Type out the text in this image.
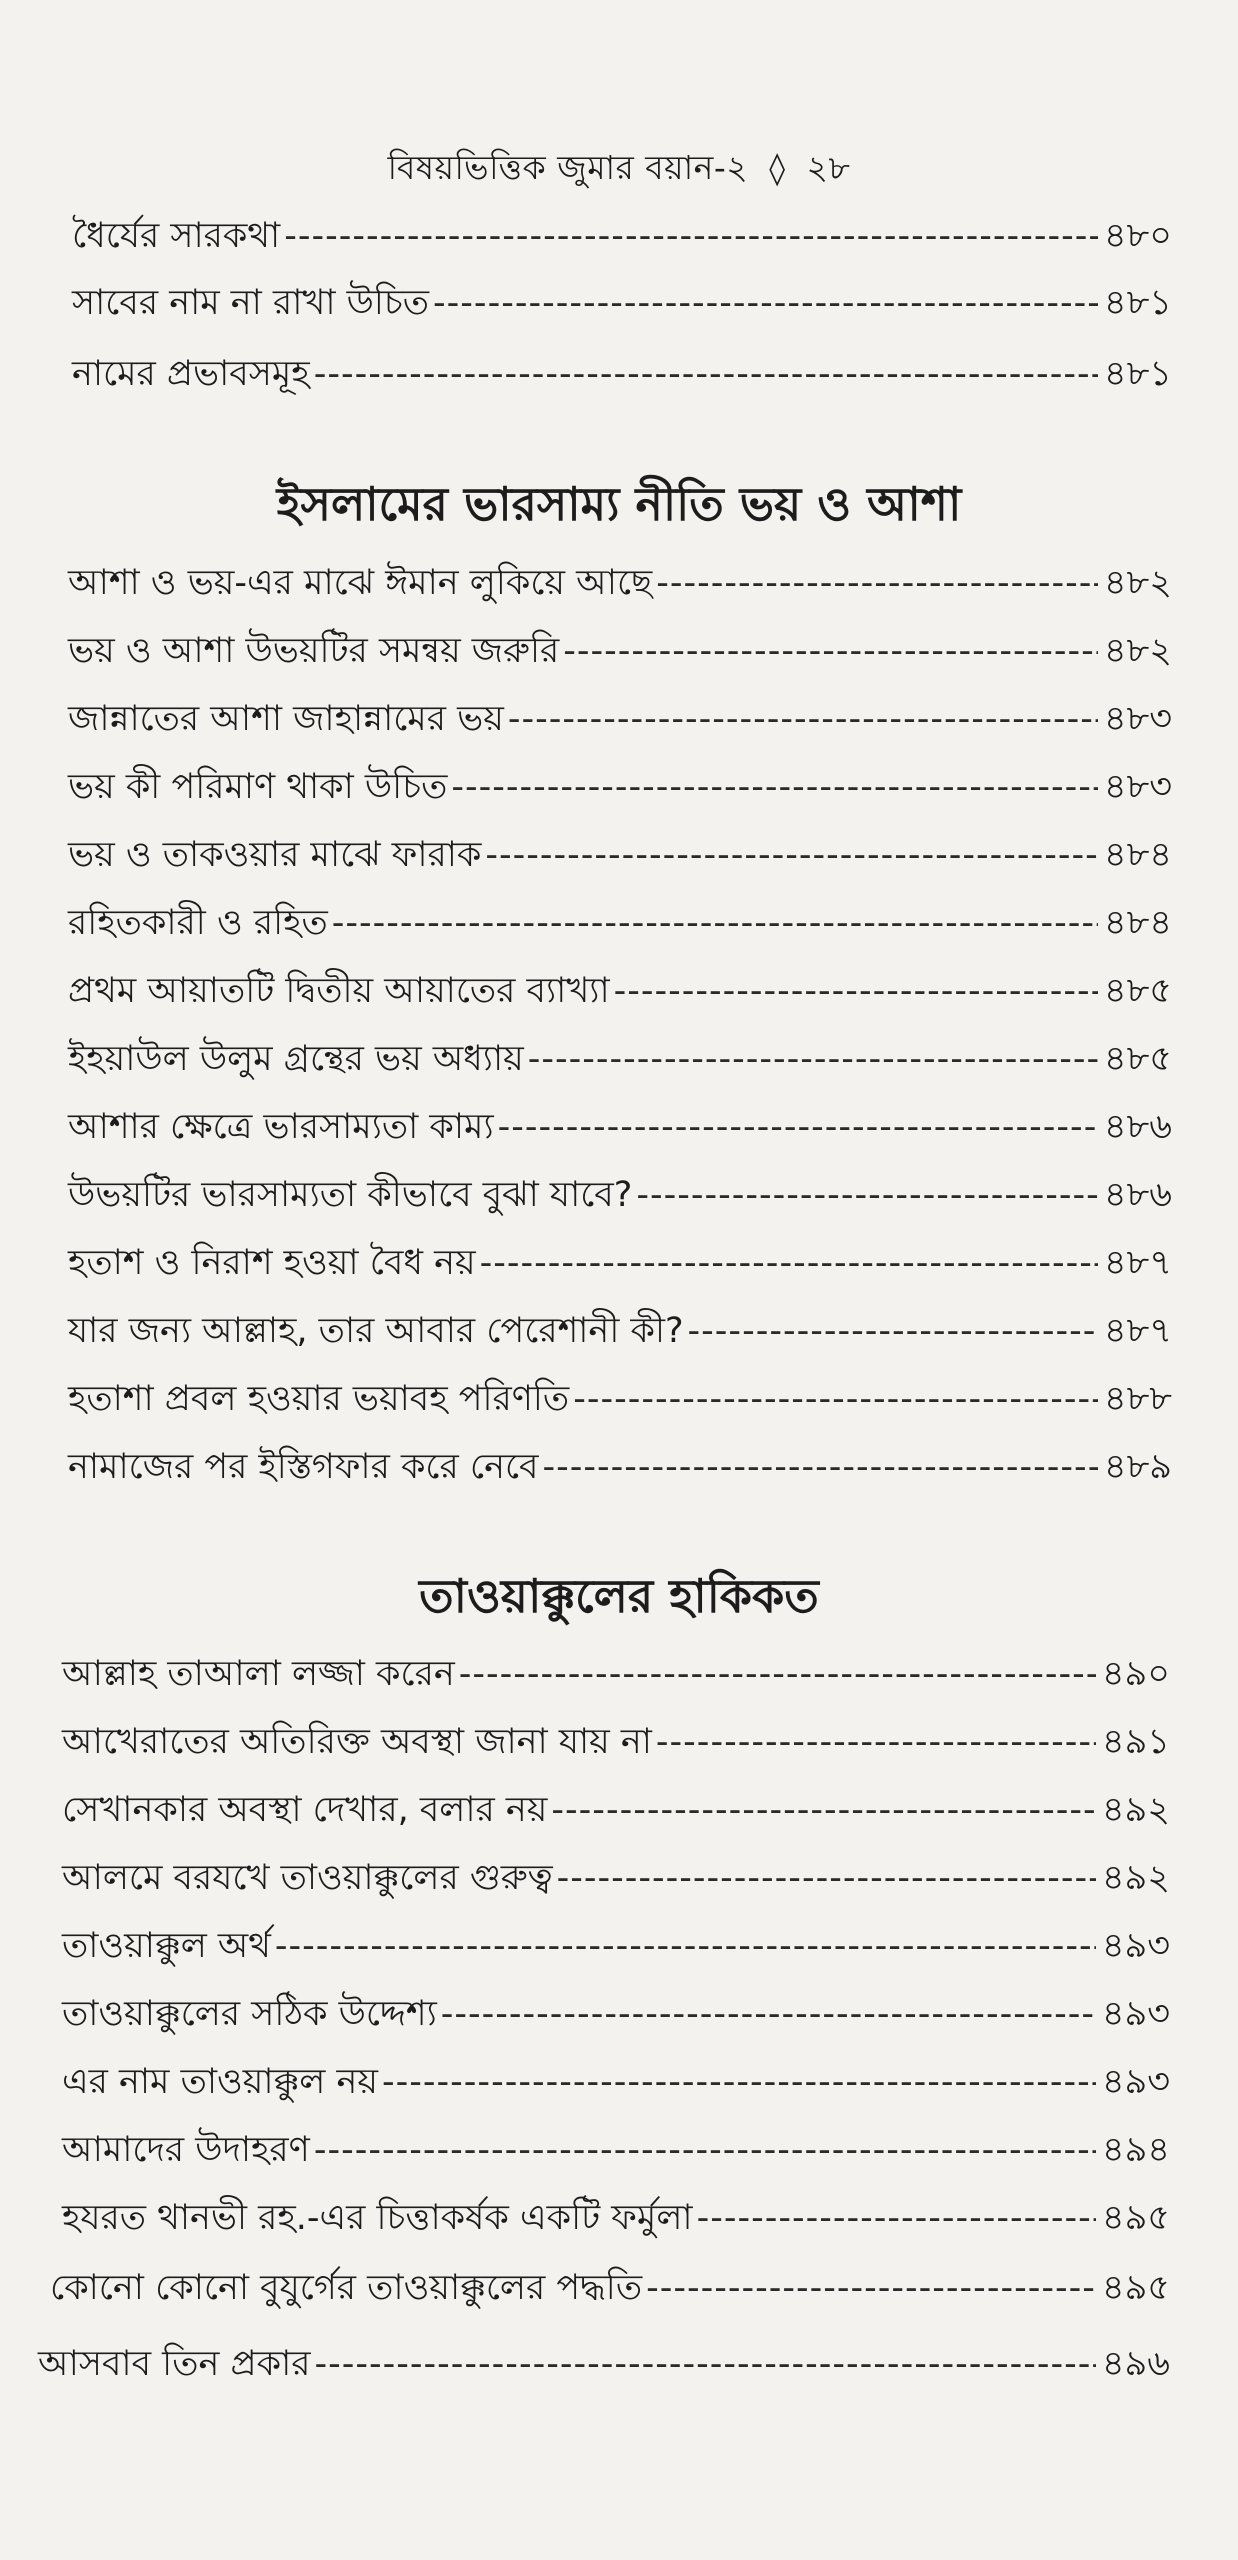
বিষয়ভিত্তিক জুমার বয়ান-২ ◊ ২৮
ধৈর্যের সারকথা -----	৪৮০
সাবের নাম না রাখা উচিত -----	৪৮১
নামের প্রভাবসমূহ -----	৪৮১
ইসলামের ভারসাম্য নীতি ভয় ও আশা
আশা ও ভয়-এর মাঝে ঈমান লুকিয়ে আছে -----	৪৮২
ভয় ও আশা উভয়টির সমন্বয় জরুরি -----	৪৮২
জান্নাতের আশা জাহান্নামের ভয় -----	৪৮৩
ভয় কী পরিমাণ থাকা উচিত -----	৪৮৩
ভয় ও তাকওয়ার মাঝে ফারাক -----	৪৮৪
রহিতকারী ও রহিত -----	৪৮৪
প্রথম আয়াতটি দ্বিতীয় আয়াতের ব্যাখ্যা -----	৪৮৫
ইহয়াউল উলুম গ্রন্থের ভয় অধ্যায় -----	৪৮৫
আশার ক্ষেত্রে ভারসাম্যতা কাম্য -----	৪৮৬
উভয়টির ভারসাম্যতা কীভাবে বুঝা যাবে? -----	৪৮৬
হতাশ ও নিরাশ হওয়া বৈধ নয় -----	৪৮৭
যার জন্য আল্লাহ, তার আবার পেরেশানী কী? -----	৪৮৭
হতাশা প্রবল হওয়ার ভয়াবহ পরিণতি -----	৪৮৮
নামাজের পর ইস্তিগফার করে নেবে -----	৪৮৯
তাওয়াক্কুলের হাকিকত
আল্লাহ তাআলা লজ্জা করেন -----	৪৯০
আখেরাতের অতিরিক্ত অবস্থা জানা যায় না -----	৪৯১
সেখানকার অবস্থা দেখার, বলার নয় -----	৪৯২
আলমে বরযখে তাওয়াক্কুলের গুরুত্ব -----	৪৯২
তাওয়াক্কুল অর্থ -----	৪৯৩
তাওয়াক্কুলের সঠিক উদ্দেশ্য -----	৪৯৩
এর নাম তাওয়াক্কুল নয় -----	৪৯৩
আমাদের উদাহরণ -----	৪৯৪
হযরত থানভী রহ.-এর চিত্তাকর্ষক একটি ফর্মুলা -----	৪৯৫
কোনো কোনো বুযুর্গের তাওয়াক্কুলের পদ্ধতি -----	৪৯৫
আসবাব তিন প্রকার -----	৪৯৬
